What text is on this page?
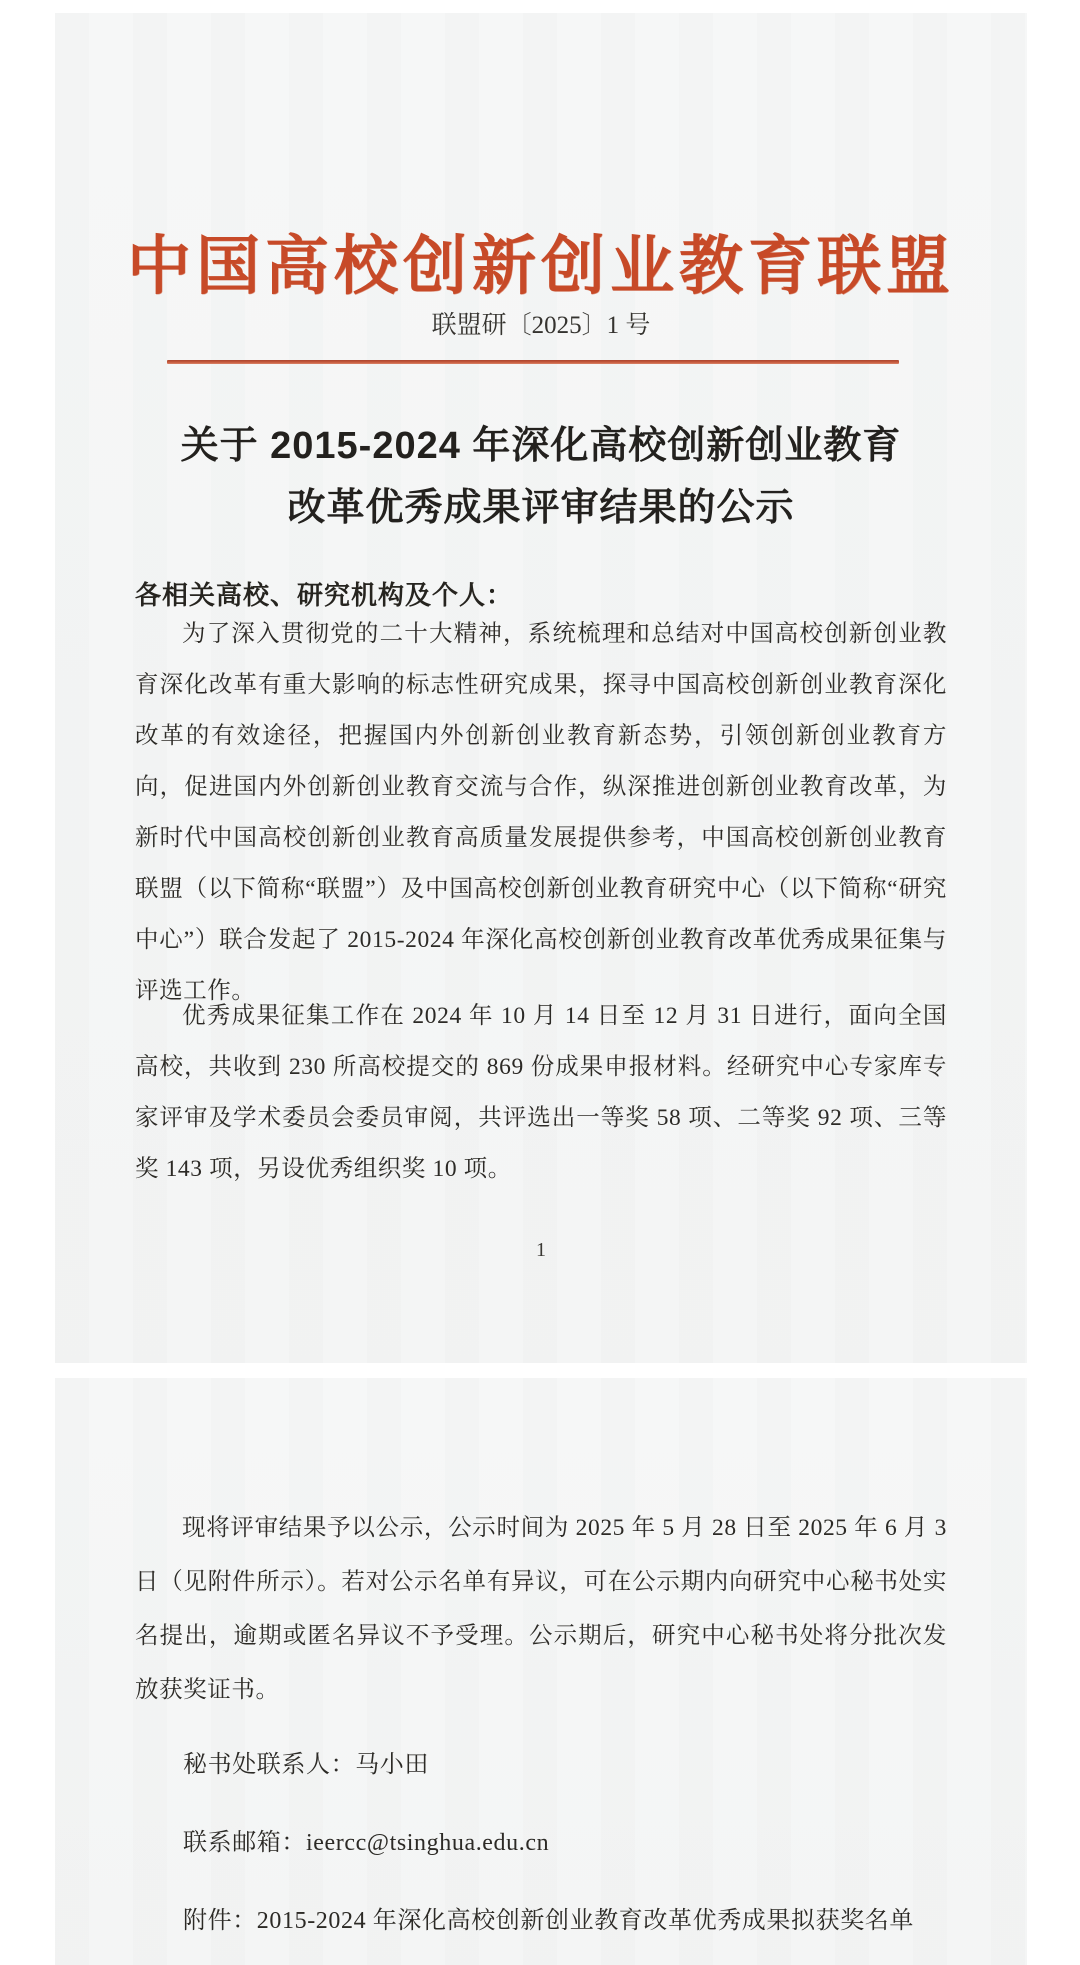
中国高校创新创业教育联盟
联盟研〔2025〕1 号
关于 2015-2024 年深化高校创新创业教育
改革优秀成果评审结果的公示
各相关高校、研究机构及个人：
为了深入贯彻党的二十大精神，系统梳理和总结对中国高校创新创业教育深化改革有重大影响的标志性研究成果，探寻中国高校创新创业教育深化改革的有效途径，把握国内外创新创业教育新态势，引领创新创业教育方向，促进国内外创新创业教育交流与合作，纵深推进创新创业教育改革，为新时代中国高校创新创业教育高质量发展提供参考，中国高校创新创业教育联盟（以下简称“联盟”）及中国高校创新创业教育研究中心（以下简称“研究中心”）联合发起了 2015-2024 年深化高校创新创业教育改革优秀成果征集与评选工作。
优秀成果征集工作在 2024 年 10 月 14 日至 12 月 31 日进行，面向全国高校，共收到 230 所高校提交的 869 份成果申报材料。经研究中心专家库专家评审及学术委员会委员审阅，共评选出一等奖 58 项、二等奖 92 项、三等奖 143 项，另设优秀组织奖 10 项。
1
现将评审结果予以公示，公示时间为 2025 年 5 月 28 日至 2025 年 6 月 3 日（见附件所示）。若对公示名单有异议，可在公示期内向研究中心秘书处实名提出，逾期或匿名异议不予受理。公示期后，研究中心秘书处将分批次发放获奖证书。
秘书处联系人：马小田
联系邮箱：ieercc@tsinghua.edu.cn
附件：2015-2024 年深化高校创新创业教育改革优秀成果拟获奖名单
